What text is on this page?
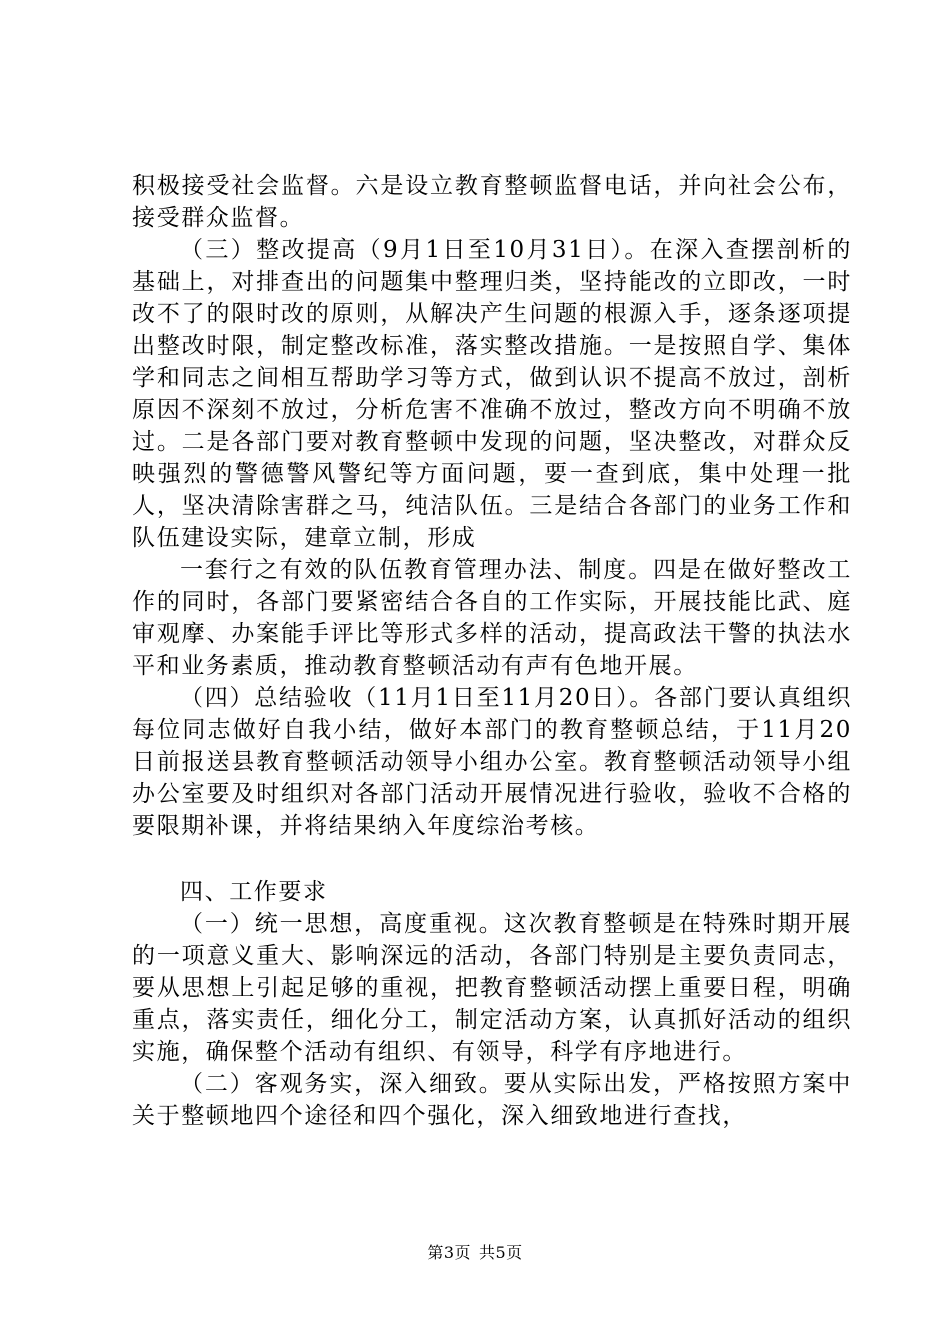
积极接受社会监督。六是设立教育整顿监督电话，并向社会公布，接受群众监督。

（三）整改提高（9月1日至10月31日）。在深入查摆剖析的基础上，对排查出的问题集中整理归类，坚持能改的立即改，一时改不了的限时改的原则，从解决产生问题的根源入手，逐条逐项提出整改时限，制定整改标准，落实整改措施。一是按照自学、集体学和同志之间相互帮助学习等方式，做到认识不提高不放过，剖析原因不深刻不放过，分析危害不准确不放过，整改方向不明确不放过。二是各部门要对教育整顿中发现的问题，坚决整改，对群众反映强烈的警德警风警纪等方面问题，要一查到底，集中处理一批人，坚决清除害群之马，纯洁队伍。三是结合各部门的业务工作和队伍建设实际，建章立制，形成

一套行之有效的队伍教育管理办法、制度。四是在做好整改工作的同时，各部门要紧密结合各自的工作实际，开展技能比武、庭审观摩、办案能手评比等形式多样的活动，提高政法干警的执法水平和业务素质，推动教育整顿活动有声有色地开展。

（四）总结验收（11月1日至11月20日）。各部门要认真组织每位同志做好自我小结，做好本部门的教育整顿总结，于11月20日前报送县教育整顿活动领导小组办公室。教育整顿活动领导小组办公室要及时组织对各部门活动开展情况进行验收，验收不合格的要限期补课，并将结果纳入年度综治考核。

四、工作要求

（一）统一思想，高度重视。这次教育整顿是在特殊时期开展的一项意义重大、影响深远的活动，各部门特别是主要负责同志，要从思想上引起足够的重视，把教育整顿活动摆上重要日程，明确重点，落实责任，细化分工，制定活动方案，认真抓好活动的组织实施，确保整个活动有组织、有领导，科学有序地进行。

（二）客观务实，深入细致。要从实际出发，严格按照方案中关于整顿地四个途径和四个强化，深入细致地进行查找，

第3页 共5页
